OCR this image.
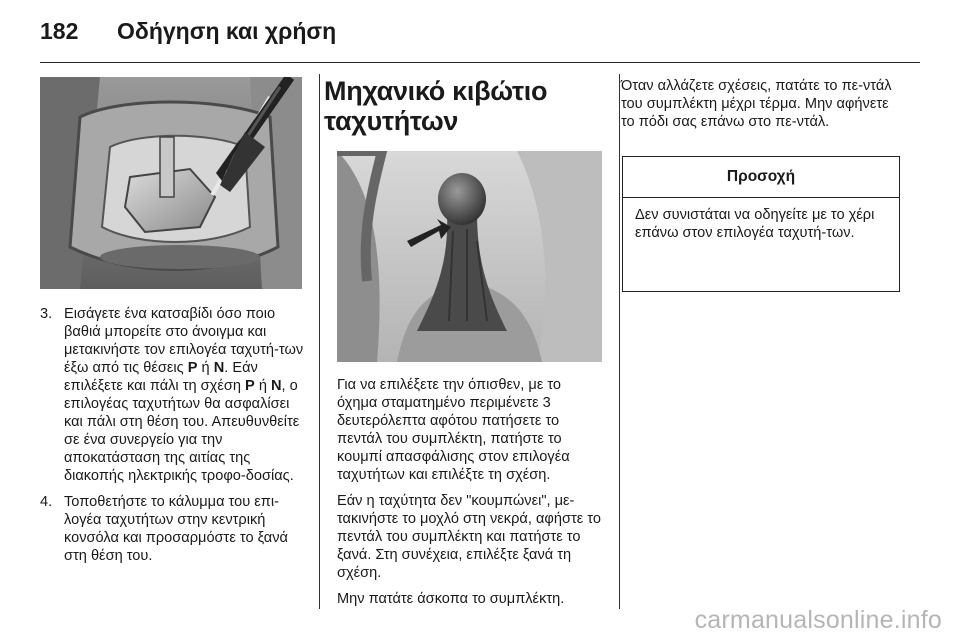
182 Οδήγηση και χρήση
3. Εισάγετε ένα κατσαβίδι όσο ποιο βαθιά μπορείτε στο άνοιγμα και μετακινήστε τον επιλογέα ταχυτή‐των έξω από τις θέσεις P ή N. Εάν επιλέξετε και πάλι τη σχέση P ή N, ο επιλογέας ταχυτήτων θα ασφαλίσει και πάλι στη θέση του. Απευθυνθείτε σε ένα συνεργείο για την αποκατάσταση της αιτίας της διακοπής ηλεκτρικής τροφο‐δοσίας.
4. Τοποθετήστε το κάλυμμα του επι‐λογέα ταχυτήτων στην κεντρική κονσόλα και προσαρμόστε το ξανά στη θέση του.
Μηχανικό κιβώτιο ταχυτήτων

Για να επιλέξετε την όπισθεν, με το όχημα σταματημένο περιμένετε 3 δευτερόλεπτα αφότου πατήσετε το πεντάλ του συμπλέκτη, πατήστε το κουμπί απασφάλισης στον επιλογέα ταχυτήτων και επιλέξτε τη σχέση.

Εάν η ταχύτητα δεν "κουμπώνει", με‐τακινήστε το μοχλό στη νεκρά, αφήστε το πεντάλ του συμπλέκτη και πατήστε το ξανά. Στη συνέχεια, επιλέξτε ξανά τη σχέση.

Μην πατάτε άσκοπα το συμπλέκτη.

Όταν αλλάζετε σχέσεις, πατάτε το πε‐ντάλ του συμπλέκτη μέχρι τέρμα. Μην αφήνετε το πόδι σας επάνω στο πε‐ντάλ.

Προσοχή
Δεν συνιστάται να οδηγείτε με το χέρι επάνω στον επιλογέα ταχυτή‐των.
carmanualsonline.info
